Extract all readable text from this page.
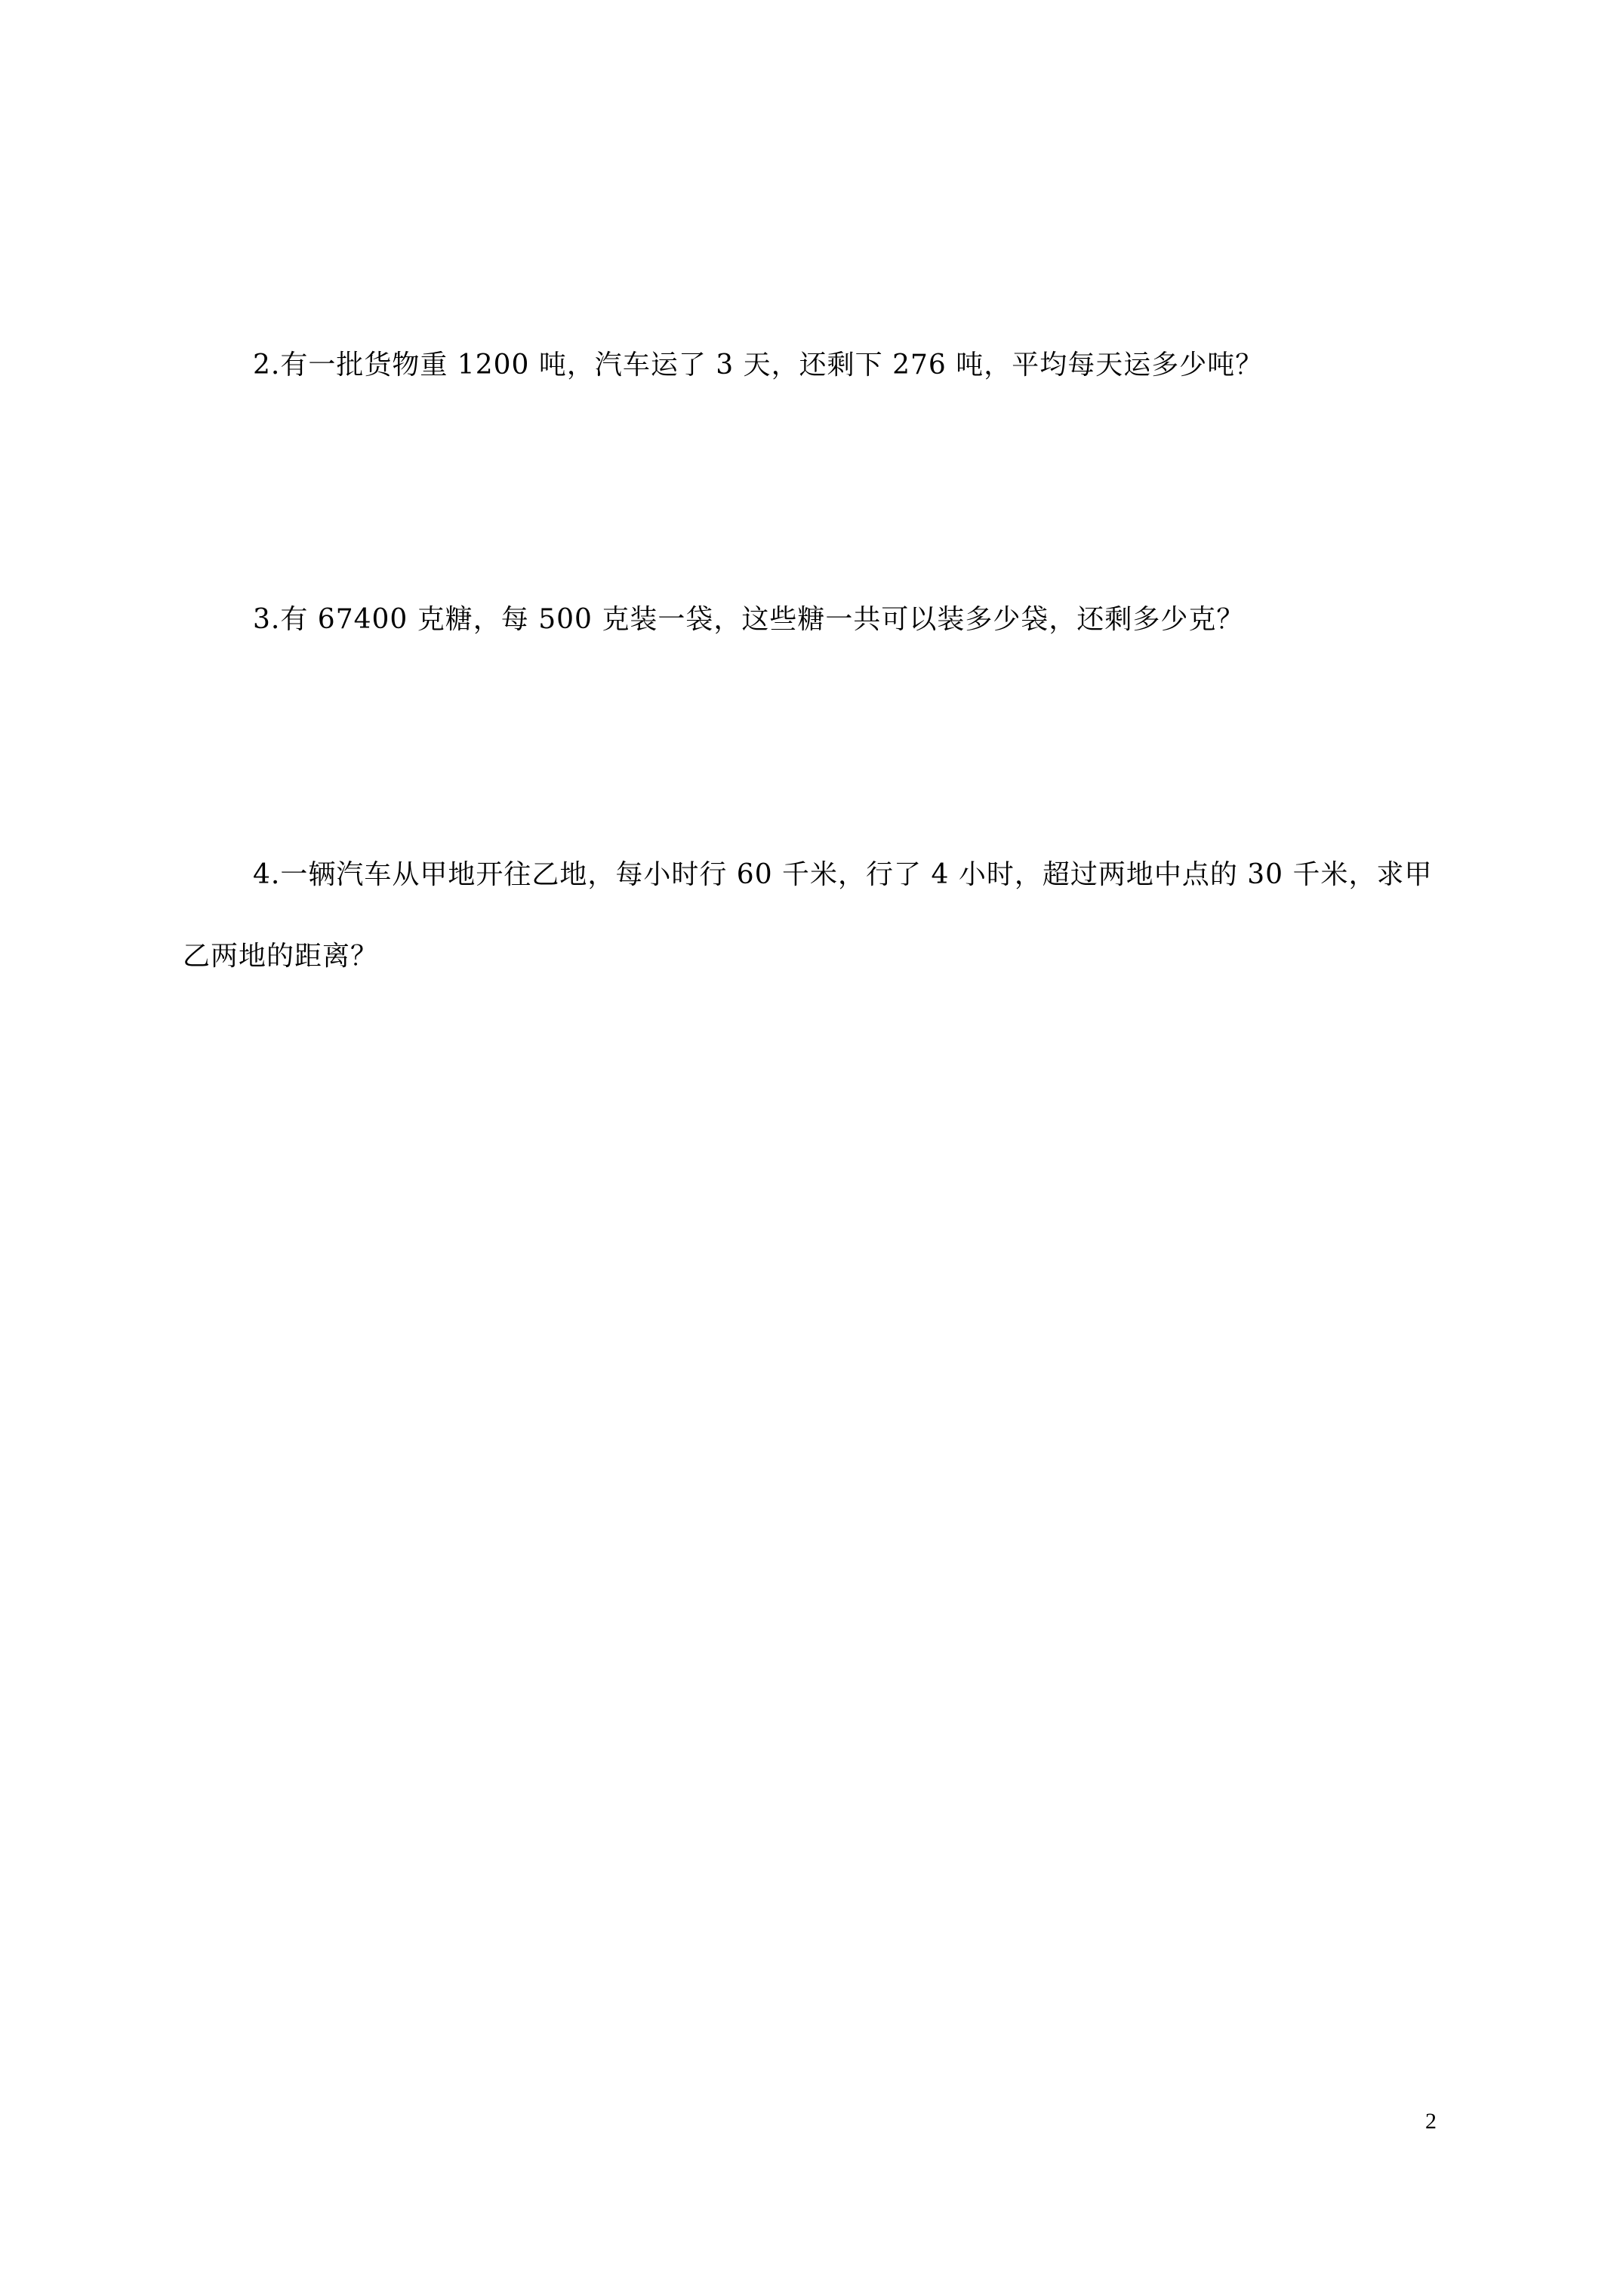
2.有一批货物重 1200 吨，汽车运了 3 天，还剩下 276 吨，平均每天运多少吨？

3.有 67400 克糖，每 500 克装一袋，这些糖一共可以装多少袋，还剩多少克？

4.一辆汽车从甲地开往乙地，每小时行 60 千米，行了 4 小时，超过两地中点的 30 千米，求甲乙两地的距离？

2
